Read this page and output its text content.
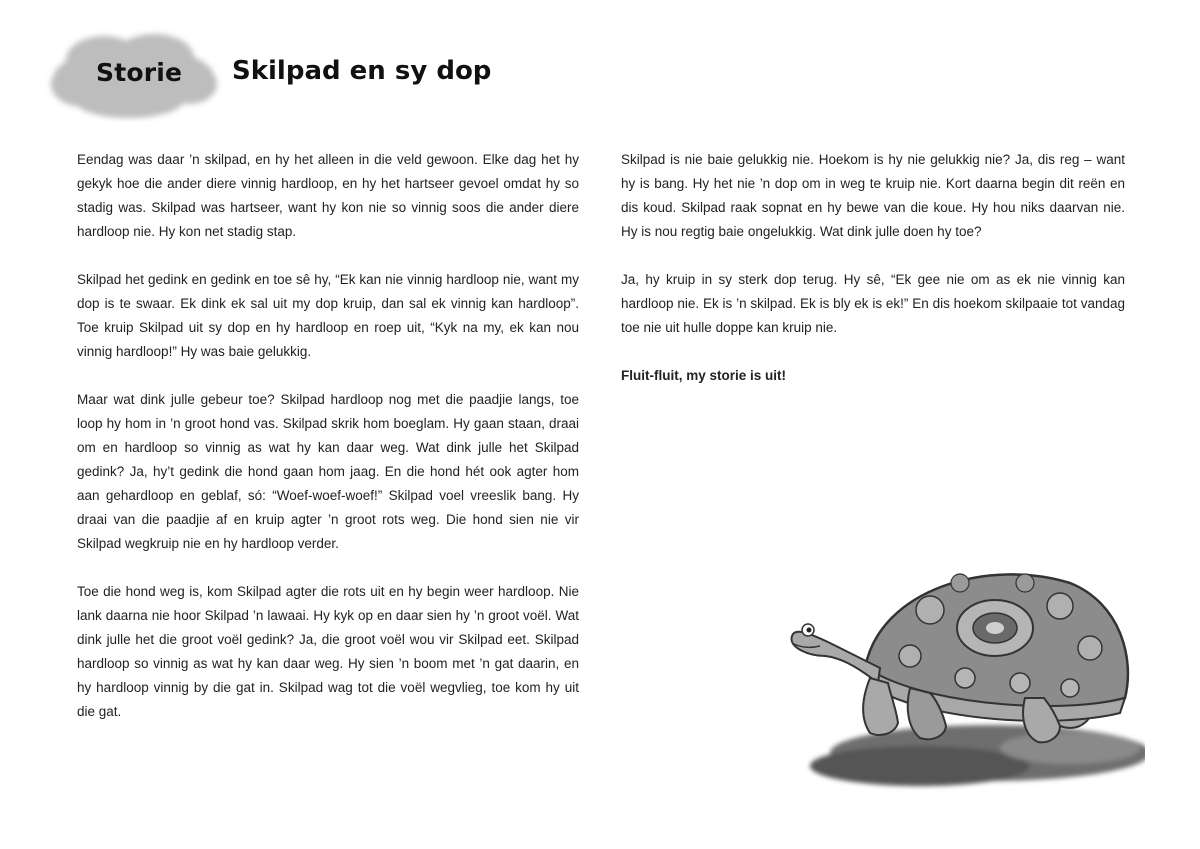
Storie Skilpad en sy dop

Eendag was daar ’n skilpad, en hy het alleen in die veld gewoon. Elke dag het hy gekyk hoe die ander diere vinnig hardloop, en hy het hartseer gevoel omdat hy so stadig was. Skilpad was hartseer, want hy kon nie so vinnig soos die ander diere hardloop nie. Hy kon net stadig stap.

Skilpad het gedink en gedink en toe sê hy, “Ek kan nie vinnig hardloop nie, want my dop is te swaar. Ek dink ek sal uit my dop kruip, dan sal ek vinnig kan hardloop”. Toe kruip Skilpad uit sy dop en hy hardloop en roep uit, “Kyk na my, ek kan nou vinnig hardloop!” Hy was baie gelukkig.

Maar wat dink julle gebeur toe? Skilpad hardloop nog met die paadjie langs, toe loop hy hom in ’n groot hond vas. Skilpad skrik hom boeglam. Hy gaan staan, draai om en hardloop so vinnig as wat hy kan daar weg. Wat dink julle het Skilpad gedink? Ja, hy’t gedink die hond gaan hom jaag. En die hond hét ook agter hom aan gehardloop en geblaf, só: “Woef-woef-woef!” Skilpad voel vreeslik bang. Hy draai van die paadjie af en kruip agter ’n groot rots weg. Die hond sien nie vir Skilpad wegkruip nie en hy hardloop verder.

Toe die hond weg is, kom Skilpad agter die rots uit en hy begin weer hardloop. Nie lank daarna nie hoor Skilpad ’n lawaai. Hy kyk op en daar sien hy ’n groot voël. Wat dink julle het die groot voël gedink? Ja, die groot voël wou vir Skilpad eet. Skilpad hardloop so vinnig as wat hy kan daar weg. Hy sien ’n boom met ’n gat daarin, en hy hardloop vinnig by die gat in. Skilpad wag tot die voël wegvlieg, toe kom hy uit die gat.

Skilpad is nie baie gelukkig nie. Hoekom is hy nie gelukkig nie? Ja, dis reg – want hy is bang. Hy het nie ’n dop om in weg te kruip nie. Kort daarna begin dit reën en dis koud. Skilpad raak sopnat en hy bewe van die koue. Hy hou niks daarvan nie. Hy is nou regtig baie ongelukkig. Wat dink julle doen hy toe?

Ja, hy kruip in sy sterk dop terug. Hy sê, “Ek gee nie om as ek nie vinnig kan hardloop nie. Ek is ’n skilpad. Ek is bly ek is ek!” En dis hoekom skilpaaie tot vandag toe nie uit hulle doppe kan kruip nie.

Fluit-fluit, my storie is uit!
